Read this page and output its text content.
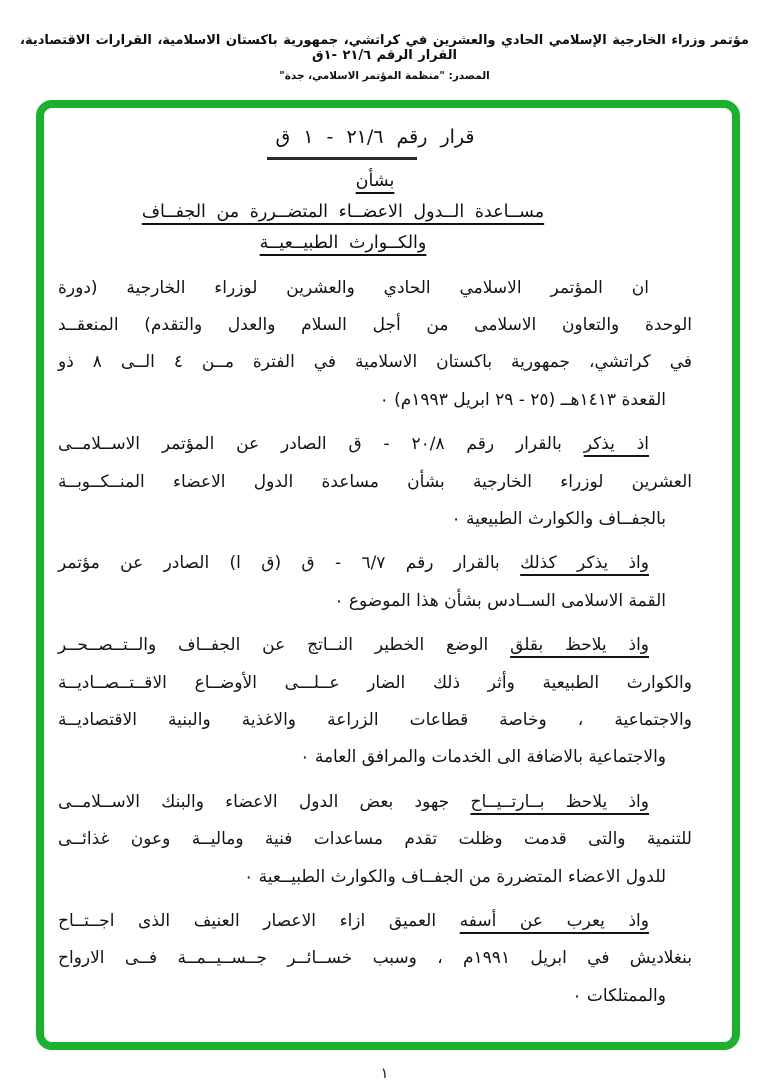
مؤتمر وزراء الخارجية الإسلامي الحادي والعشرين في كراتشي، جمهورية باكستان الاسلامية، القرارات الاقتصادية، القرار الرقم ٢١/٦ -١ق
المصدر: "منظمة المؤتمر الاسلامي، جدة"
قرار رقم ٢١/٦ - ١ ق
بشأن
مســاعدة الــدول الاعضــاء المتضــررة من الجفــاف
والكــوارث الطبيــعيــة
ان المؤتمر الاسلامي الحادي والعشرين لوزراء الخارجية (دورة
الوحدة والتعاون الاسلامى من أجل السلام والعدل والتقدم) المنعقــد
في كراتشي، جمهورية باكستان الاسلامية في الفترة مــن ٤ الــى ٨ ذو
القعدة ١٤١٣هــ (٢٥ - ٢٩ ابريل ١٩٩٣م) ٠
اذ يذكر بالقرار رقم ٢٠/٨ - ق الصادر عن المؤتمر الاســلامــى
العشرين لوزراء الخارجية بشأن مساعدة الدول الاعضاء المنــكــوبــة
بالجفــاف والكوارث الطبيعية ٠
واذ يذكر كذلك بالقرار رقم ٦/٧ - ق (ق ا) الصادر عن مؤتمر
القمة الاسلامى الســادس بشأن هذا الموضوع ٠
واذ يلاحظ بقلق الوضع الخطير النــاتج عن الجفــاف والــتــصــحــر
والكوارث الطبيعية وأثر ذلك الضار عــلـــى الأوضــاع الاقــتــصــاديــة
والاجتماعية ، وخاصة قطاعات الزراعة والاغذية والبنية الاقتصاديــة
والاجتماعية بالاضافة الى الخدمات والمرافق العامة ٠
واذ يلاحظ بــارتــيــاح جهود بعض الدول الاعضاء والبنك الاســلامــى
للتنمية والتى قدمت وظلت تقدم مساعدات فنية وماليــة وعون غذائــى
للدول الاعضاء المتضررة من الجفــاف والكوارث الطبيــعية ٠
واذ يعرب عن أسفه العميق ازاء الاعصار العنيف الذى اجــتــاح
بنغلاديش في ابريل ١٩٩١م ، وسبب خســائــر جــســيــمــة فــى الارواح
والممتلكات ٠
١
